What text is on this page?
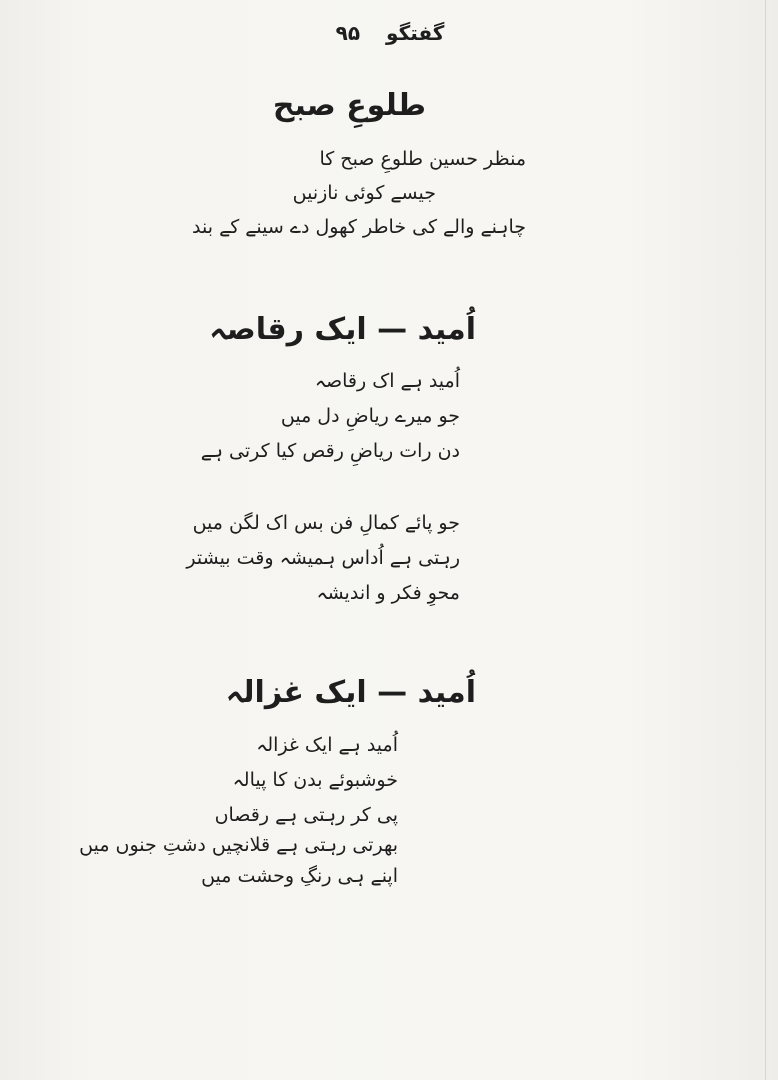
گفتگو
۹۵
طلوعِ صبح
منظر حسین طلوعِ صبح کا
جیسے کوئی نازنیں
چاہنے والے کی خاطر کھول دے سینے کے بند
اُمید — ایک رقاصہ
اُمید ہے اک رقاصہ
جو میرے ریاضِ دل میں
دن رات ریاضِ رقص کیا کرتی ہے
جو پائے کمالِ فن بس اک لگن میں
رہتی ہے اُداس ہمیشہ وقت بیشتر
محوِ فکر و اندیشہ
اُمید — ایک غزالہ
اُمید ہے ایک غزالہ
خوشبوئے بدن کا پیالہ
پی کر رہتی ہے رقصاں
بھرتی رہتی ہے قلانچیں دشتِ جنوں میں
اپنے ہی رنگِ وحشت میں
